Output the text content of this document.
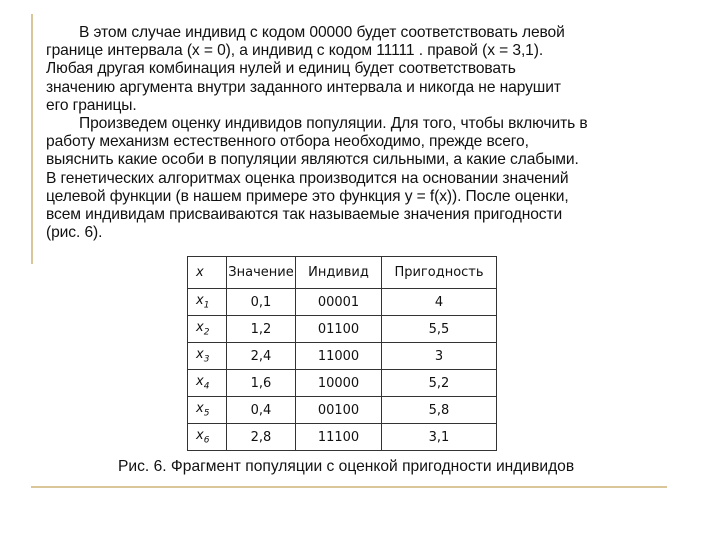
В этом случае индивид с кодом 00000 будет соответствовать левой
границе интервала (x = 0), а индивид с кодом 11111 . правой (x = 3,1).
Любая другая комбинация нулей и единиц будет соответствовать
значению аргумента внутри заданного интервала и никогда не нарушит
его границы.
Произведем оценку индивидов популяции. Для того, чтобы включить в
работу механизм естественного отбора необходимо, прежде всего,
выяснить какие особи в популяции являются сильными, а какие слабыми.
В генетических алгоритмах оценка производится на основании значений
целевой функции (в нашем примере это функция y = f(x)). После оценки,
всем индивидам присваиваются так называемые значения пригодности
(рис. 6).
x	Значение	Индивид	Пригодность
$x_1$	0,1	00001	4
$x_2$	1,2	01100	5,5
$x_3$	2,4	11000	3
$x_4$	1,6	10000	5,2
$x_5$	0,4	00100	5,8
$x_6$	2,8	11100	3,1
Рис. 6. Фрагмент популяции с оценкой пригодности индивидов
